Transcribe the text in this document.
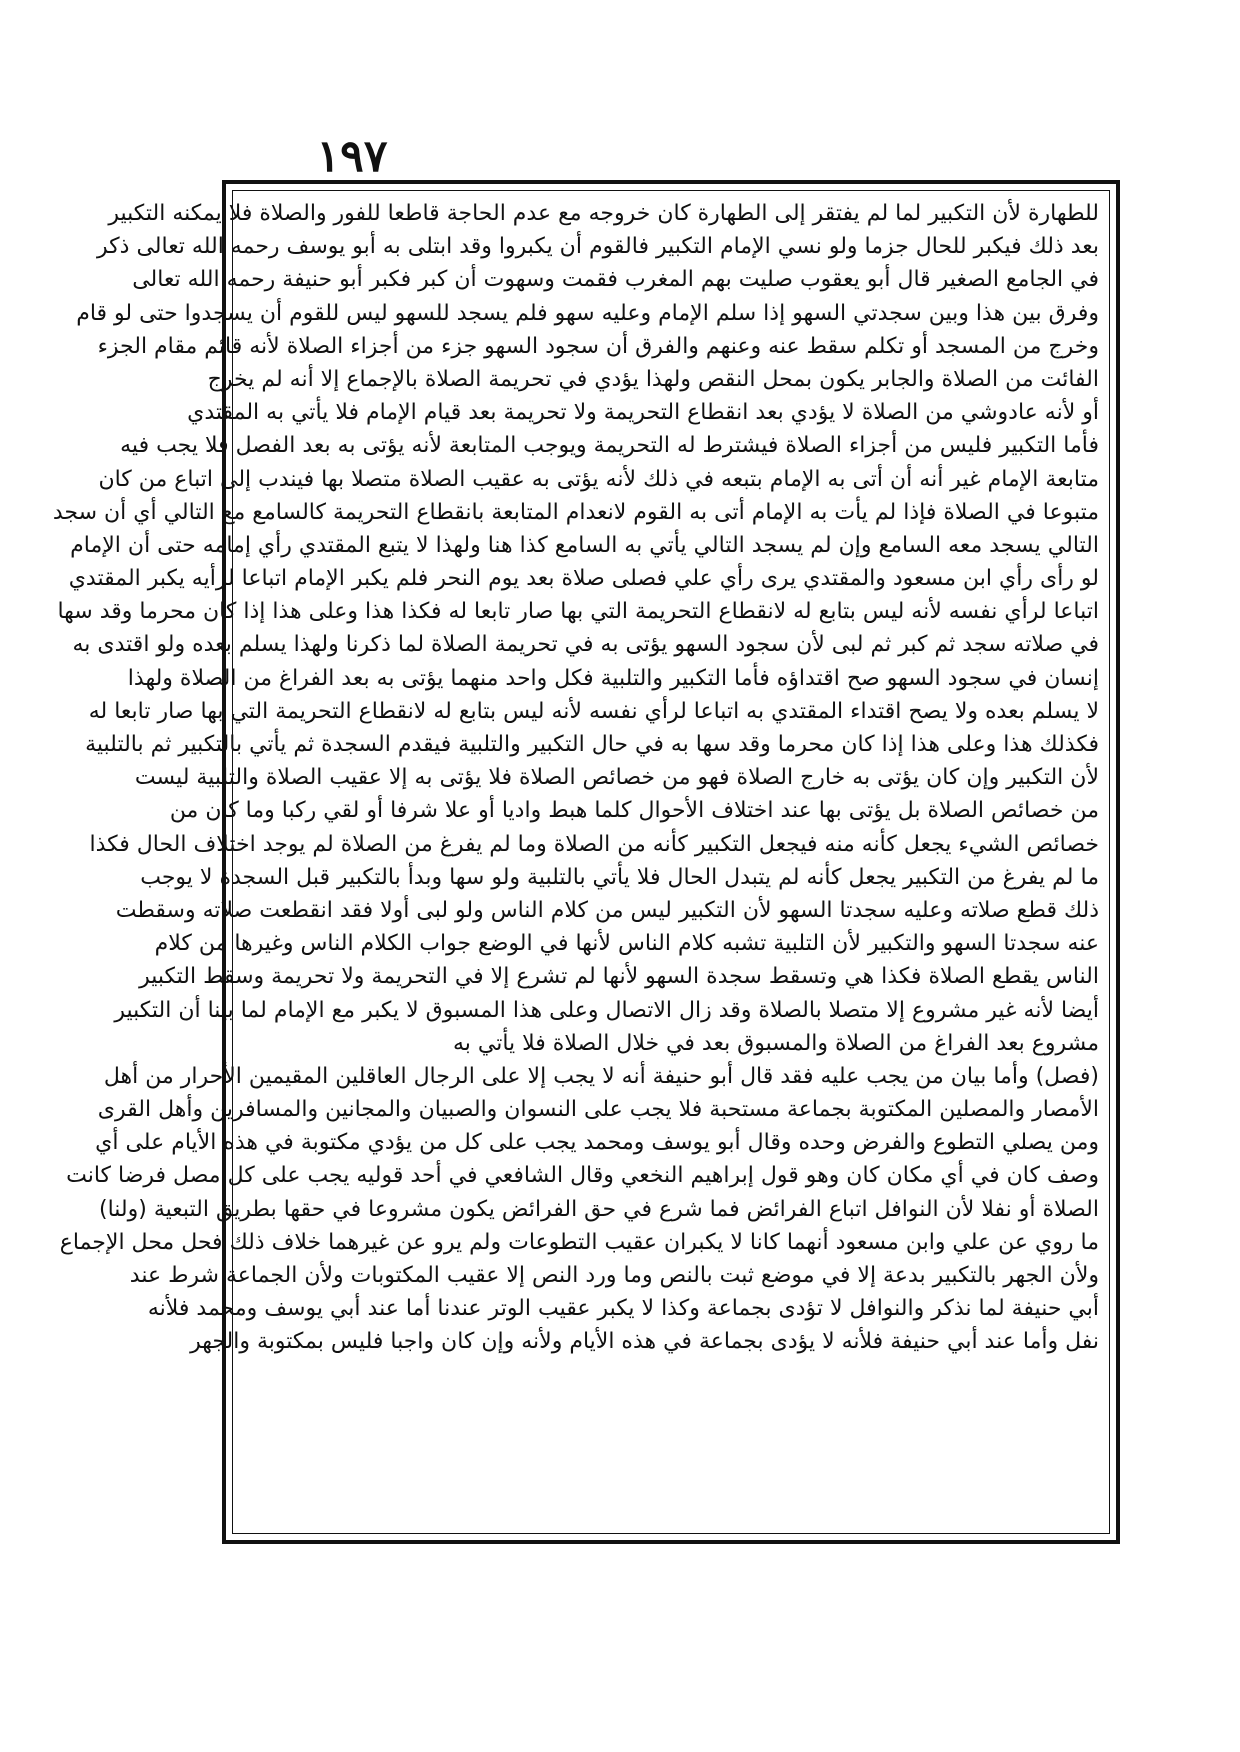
١٩٧
للطهارة لأن التكبير لما لم يفتقر إلى الطهارة كان خروجه مع عدم الحاجة قاطعا للفور والصلاة فلا يمكنه التكبير
بعد ذلك فيكبر للحال جزما ولو نسي الإمام التكبير فالقوم أن يكبروا وقد ابتلى به أبو يوسف رحمه الله تعالى ذكر
في الجامع الصغير قال أبو يعقوب صليت بهم المغرب فقمت وسهوت أن كبر فكبر أبو حنيفة رحمه الله تعالى
وفرق بين هذا وبين سجدتي السهو إذا سلم الإمام وعليه سهو فلم يسجد للسهو ليس للقوم أن يسجدوا حتى لو قام
وخرج من المسجد أو تكلم سقط عنه وعنهم والفرق أن سجود السهو جزء من أجزاء الصلاة لأنه قائم مقام الجزء
الفائت من الصلاة والجابر يكون بمحل النقص ولهذا يؤدي في تحريمة الصلاة بالإجماع إلا أنه لم يخرج
أو لأنه عادوشي من الصلاة لا يؤدي بعد انقطاع التحريمة ولا تحريمة بعد قيام الإمام فلا يأتي به المقتدي
فأما التكبير فليس من أجزاء الصلاة فيشترط له التحريمة ويوجب المتابعة لأنه يؤتى به بعد الفصل فلا يجب فيه
متابعة الإمام غير أنه أن أتى به الإمام بتبعه في ذلك لأنه يؤتى به عقيب الصلاة متصلا بها فيندب إلى اتباع من كان
متبوعا في الصلاة فإذا لم يأت به الإمام أتى به القوم لانعدام المتابعة بانقطاع التحريمة كالسامع مع التالي أي أن سجد
التالي يسجد معه السامع وإن لم يسجد التالي يأتي به السامع كذا هنا ولهذا لا يتبع المقتدي رأي إمامه حتى أن الإمام
لو رأى رأي ابن مسعود والمقتدي يرى رأي علي فصلى صلاة بعد يوم النحر فلم يكبر الإمام اتباعا لرأيه يكبر المقتدي
اتباعا لرأي نفسه لأنه ليس بتابع له لانقطاع التحريمة التي بها صار تابعا له فكذا هذا وعلى هذا إذا كان محرما وقد سها
في صلاته سجد ثم كبر ثم لبى لأن سجود السهو يؤتى به في تحريمة الصلاة لما ذكرنا ولهذا يسلم بعده ولو اقتدى به
إنسان في سجود السهو صح اقتداؤه فأما التكبير والتلبية فكل واحد منهما يؤتى به بعد الفراغ من الصلاة ولهذا
لا يسلم بعده ولا يصح اقتداء المقتدي به اتباعا لرأي نفسه لأنه ليس بتابع له لانقطاع التحريمة التي بها صار تابعا له
فكذلك هذا وعلى هذا إذا كان محرما وقد سها به في حال التكبير والتلبية فيقدم السجدة ثم يأتي بالتكبير ثم بالتلبية
لأن التكبير وإن كان يؤتى به خارج الصلاة فهو من خصائص الصلاة فلا يؤتى به إلا عقيب الصلاة والتلبية ليست
من خصائص الصلاة بل يؤتى بها عند اختلاف الأحوال كلما هبط واديا أو علا شرفا أو لقي ركبا وما كان من
خصائص الشيء يجعل كأنه منه فيجعل التكبير كأنه من الصلاة وما لم يفرغ من الصلاة لم يوجد اختلاف الحال فكذا
ما لم يفرغ من التكبير يجعل كأنه لم يتبدل الحال فلا يأتي بالتلبية ولو سها وبدأ بالتكبير قبل السجدة لا يوجب
ذلك قطع صلاته وعليه سجدتا السهو لأن التكبير ليس من كلام الناس ولو لبى أولا فقد انقطعت صلاته وسقطت
عنه سجدتا السهو والتكبير لأن التلبية تشبه كلام الناس لأنها في الوضع جواب الكلام الناس وغيرها من كلام
الناس يقطع الصلاة فكذا هي وتسقط سجدة السهو لأنها لم تشرع إلا في التحريمة ولا تحريمة وسقط التكبير
أيضا لأنه غير مشروع إلا متصلا بالصلاة وقد زال الاتصال وعلى هذا المسبوق لا يكبر مع الإمام لما بينا أن التكبير
مشروع بعد الفراغ من الصلاة والمسبوق بعد في خلال الصلاة فلا يأتي به
(فصل) وأما بيان من يجب عليه فقد قال أبو حنيفة أنه لا يجب إلا على الرجال العاقلين المقيمين الأحرار من أهل
الأمصار والمصلين المكتوبة بجماعة مستحبة فلا يجب على النسوان والصبيان والمجانين والمسافرين وأهل القرى
ومن يصلي التطوع والفرض وحده وقال أبو يوسف ومحمد يجب على كل من يؤدي مكتوبة في هذه الأيام على أي
وصف كان في أي مكان كان وهو قول إبراهيم النخعي وقال الشافعي في أحد قوليه يجب على كل مصل فرضا كانت
الصلاة أو نفلا لأن النوافل اتباع الفرائض فما شرع في حق الفرائض يكون مشروعا في حقها بطريق التبعية (ولنا)
ما روي عن علي وابن مسعود أنهما كانا لا يكبران عقيب التطوعات ولم يرو عن غيرهما خلاف ذلك فحل محل الإجماع
ولأن الجهر بالتكبير بدعة إلا في موضع ثبت بالنص وما ورد النص إلا عقيب المكتوبات ولأن الجماعة شرط عند
أبي حنيفة لما نذكر والنوافل لا تؤدى بجماعة وكذا لا يكبر عقيب الوتر عندنا أما عند أبي يوسف ومحمد فلأنه
نفل وأما عند أبي حنيفة فلأنه لا يؤدى بجماعة في هذه الأيام ولأنه وإن كان واجبا فليس بمكتوبة والجهر
